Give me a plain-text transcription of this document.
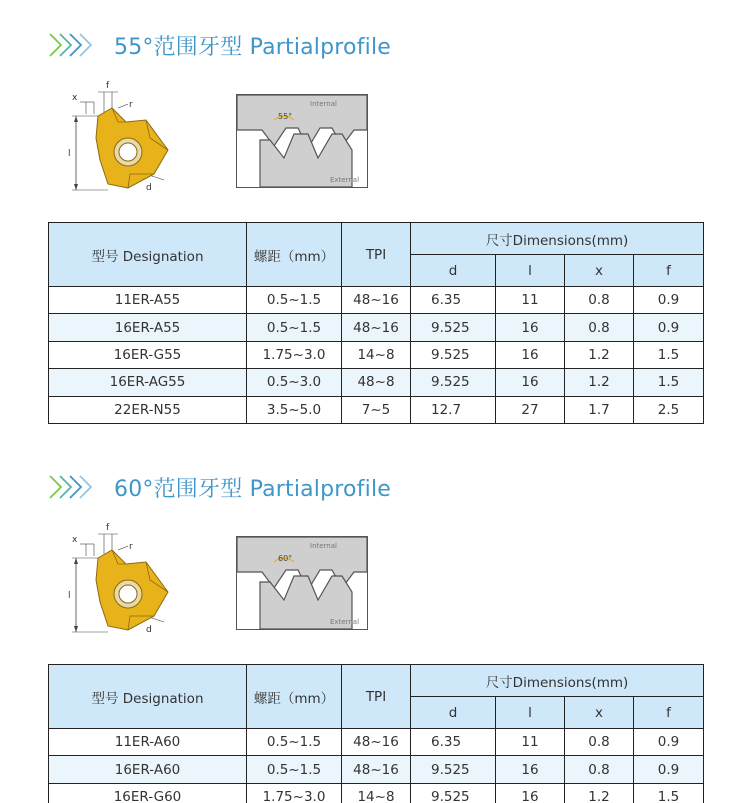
55°范围牙型 Partialprofile
x
f
r
l
d
55°
Internal
External
型号 Designation	螺距（mm）	TPI	尺寸Dimensions(mm)			
			d	l	x	f
11ER-A55	0.5~1.5	48~16	6.35	11	0.8	0.9
16ER-A55	0.5~1.5	48~16	9.525	16	0.8	0.9
16ER-G55	1.75~3.0	14~8	9.525	16	1.2	1.5
16ER-AG55	0.5~3.0	48~8	9.525	16	1.2	1.5
22ER-N55	3.5~5.0	7~5	12.7	27	1.7	2.5
60°范围牙型 Partialprofile
x
f
r
l
d
60°
Internal
External
型号 Designation	螺距（mm）	TPI	尺寸Dimensions(mm)			
			d	l	x	f
11ER-A60	0.5~1.5	48~16	6.35	11	0.8	0.9
16ER-A60	0.5~1.5	48~16	9.525	16	0.8	0.9
16ER-G60	1.75~3.0	14~8	9.525	16	1.2	1.5
